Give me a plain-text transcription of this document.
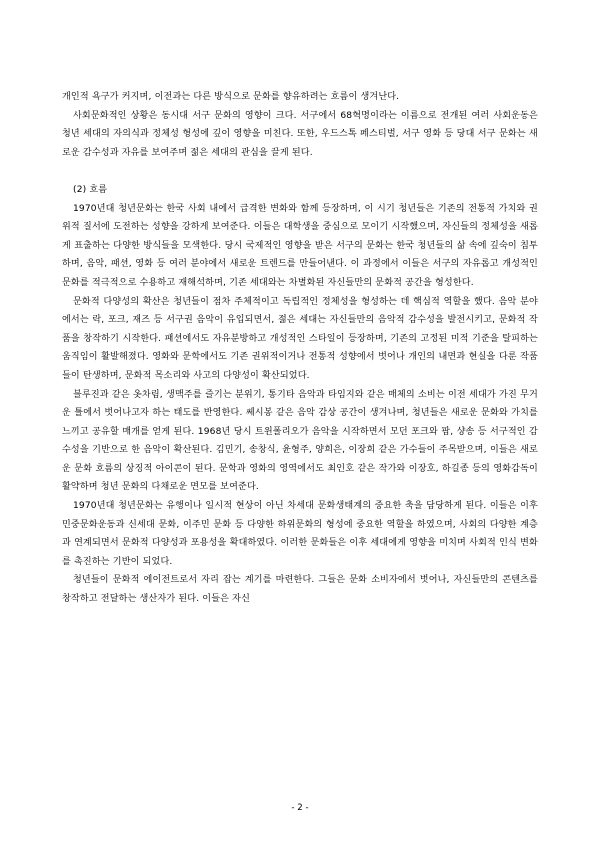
개인적 욕구가 커지며, 이전과는 다른 방식으로 문화를 향유하려는 흐름이 생겨난다.

사회문화적인 상황은 동시대 서구 문화의 영향이 크다. 서구에서 68혁명이라는 이름으로 전개된 여러 사회운동은 청년 세대의 자의식과 정체성 형성에 깊이 영향을 미친다. 또한, 우드스톡 페스티벌, 서구 영화 등 당대 서구 문화는 새로운 감수성과 자유를 보여주며 젊은 세대의 관심을 끌게 된다.

(2) 흐름

1970년대 청년문화는 한국 사회 내에서 급격한 변화와 함께 등장하며, 이 시기 청년들은 기존의 전통적 가치와 권위적 질서에 도전하는 성향을 강하게 보여준다. 이들은 대학생을 중심으로 모이기 시작했으며, 자신들의 정체성을 새롭게 표출하는 다양한 방식들을 모색한다. 당시 국제적인 영향을 받은 서구의 문화는 한국 청년들의 삶 속에 깊숙이 침투하며, 음악, 패션, 영화 등 여러 분야에서 새로운 트렌드를 만들어낸다. 이 과정에서 이들은 서구의 자유롭고 개성적인 문화를 적극적으로 수용하고 재해석하며, 기존 세대와는 차별화된 자신들만의 문화적 공간을 형성한다.

문화적 다양성의 확산은 청년들이 점차 주체적이고 독립적인 정체성을 형성하는 데 핵심적 역할을 했다. 음악 분야에서는 락, 포크, 재즈 등 서구권 음악이 유입되면서, 젊은 세대는 자신들만의 음악적 감수성을 발전시키고, 문화적 작품을 창작하기 시작한다. 패션에서도 자유분방하고 개성적인 스타일이 등장하며, 기존의 고정된 미적 기준을 탈피하는 움직임이 활발해졌다. 영화와 문학에서도 기존 권위적이거나 전통적 성향에서 벗어나 개인의 내면과 현실을 다룬 작품들이 탄생하며, 문화적 목소리와 사고의 다양성이 확산되었다.

블루진과 같은 옷차림, 생맥주를 즐기는 분위기, 통기타 음악과 타임지와 같은 매체의 소비는 이전 세대가 가진 무거운 틀에서 벗어나고자 하는 태도를 반영한다. 쎄시봉 같은 음악 감상 공간이 생겨나며, 청년들은 새로운 문화와 가치를 느끼고 공유할 매개를 얻게 된다. 1968년 당시 트윈폴리오가 음악을 시작하면서 모던 포크와 팝, 샹송 등 서구적인 감수성을 기반으로 한 음악이 확산된다. 김민기, 송창식, 윤형주, 양희은, 이장희 같은 가수들이 주목받으며, 이들은 새로운 문화 흐름의 상징적 아이콘이 된다. 문학과 영화의 영역에서도 최인호 같은 작가와 이장호, 하길종 등의 영화감독이 활약하며 청년 문화의 다채로운 면모를 보여준다.

1970년대 청년문화는 유행이나 일시적 현상이 아닌 차세대 문화생태계의 중요한 축을 담당하게 된다. 이들은 이후 민중문화운동과 신세대 문화, 이주민 문화 등 다양한 하위문화의 형성에 중요한 역할을 하였으며, 사회의 다양한 계층과 연계되면서 문화적 다양성과 포용성을 확대하였다. 이러한 문화들은 이후 세대에게 영향을 미치며 사회적 인식 변화를 촉진하는 기반이 되었다.

청년들이 문화적 에이전트로서 자리 잡는 계기를 마련한다. 그들은 문화 소비자에서 벗어나, 자신들만의 콘텐츠를 창작하고 전달하는 생산자가 된다. 이들은 자신

- 2 -
